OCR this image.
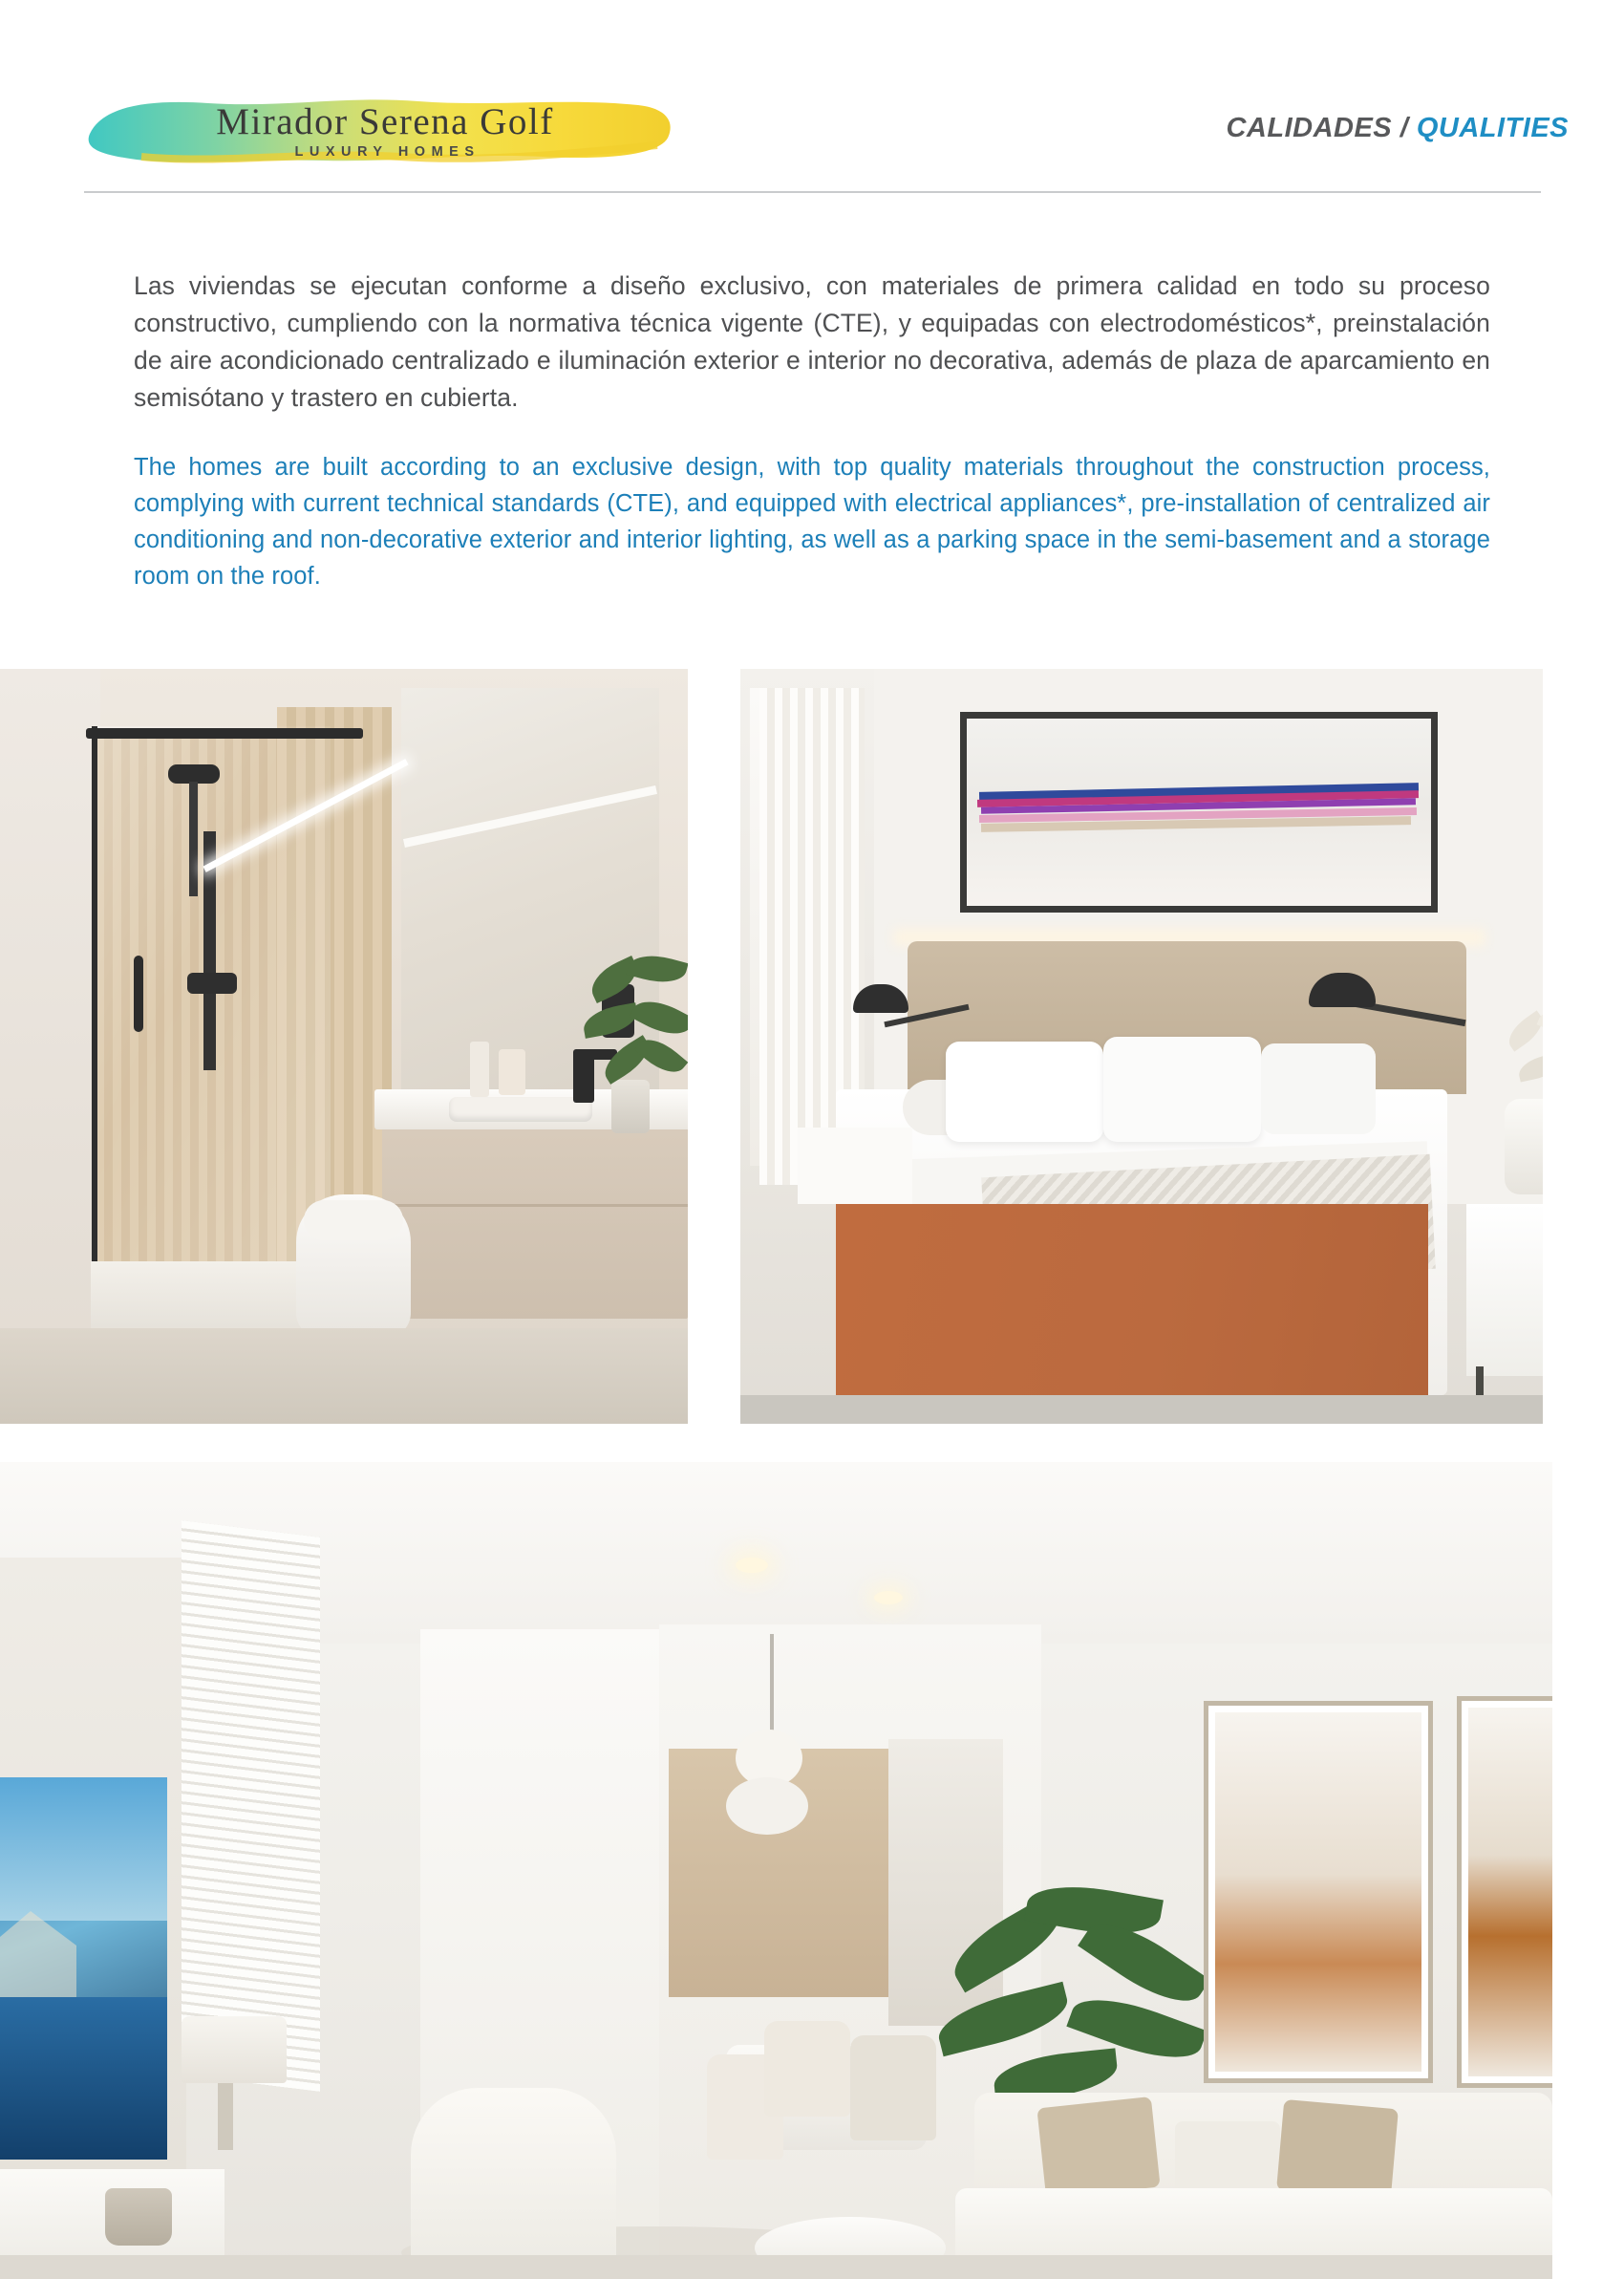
Mirador Serena Golf
LUXURY HOMES
CALIDADES / QUALITIES

Las viviendas se ejecutan conforme a diseño exclusivo, con materiales de primera calidad en todo su proceso constructivo, cumpliendo con la normativa técnica vigente (CTE), y equipadas con electrodomésticos*, preinstalación de aire acondicionado centralizado e iluminación exterior e interior no decorativa, además de plaza de aparcamiento en semisótano y trastero en cubierta.

The homes are built according to an exclusive design, with top quality materials throughout the construction process, complying with current technical standards (CTE), and equipped with electrical appliances*, pre-installation of centralized air conditioning and non-decorative exterior and interior lighting, as well as a parking space in the semi-basement and a storage room on the roof.
